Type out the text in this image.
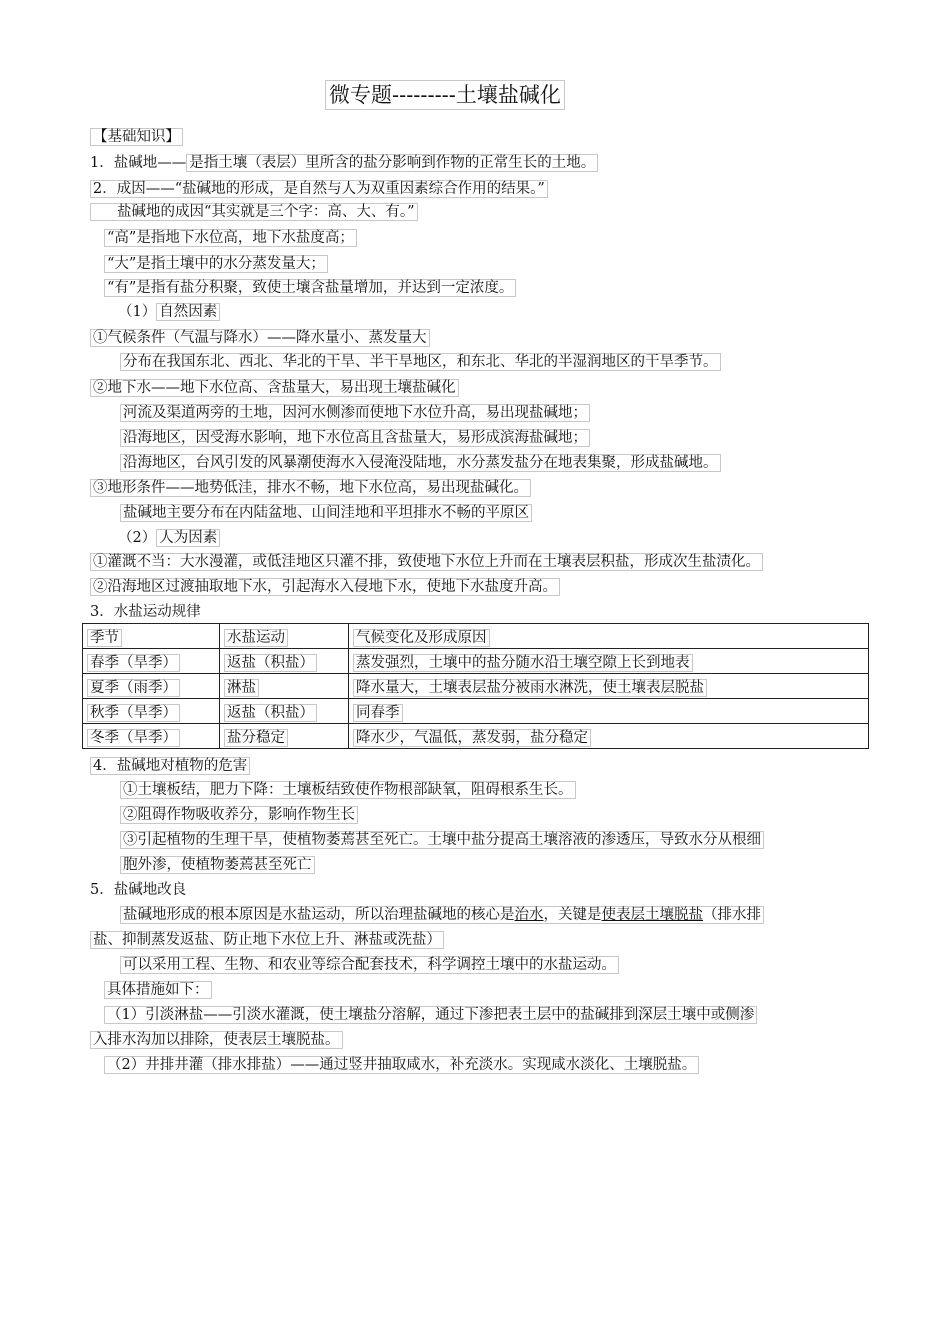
微专题---------土壤盐碱化
【基础知识】
1．盐碱地—— 是指土壤（表层）里所含的盐分影响到作物的正常生长的土地。
2．成因——“盐碱地的形成，是自然与人为双重因素综合作用的结果。”
盐碱地的成因“其实就是三个字：高、大、有。”
“高”是指地下水位高，地下水盐度高；
“大”是指土壤中的水分蒸发量大；
“有”是指有盐分积聚，致使土壤含盐量增加，并达到一定浓度。
（1） 自然因素
①气候条件（气温与降水）——降水量小、蒸发量大
分布在我国东北、西北、华北的干旱、半干旱地区，和东北、华北的半湿润地区的干旱季节。
②地下水——地下水位高、含盐量大，易出现土壤盐碱化
河流及渠道两旁的土地，因河水侧渗而使地下水位升高，易出现盐碱地；
沿海地区，因受海水影响，地下水位高且含盐量大，易形成滨海盐碱地；
沿海地区，台风引发的风暴潮使海水入侵淹没陆地，水分蒸发盐分在地表集聚，形成盐碱地。
③地形条件——地势低洼，排水不畅，地下水位高，易出现盐碱化。
盐碱地主要分布在内陆盆地、山间洼地和平坦排水不畅的平原区
（2） 人为因素
①灌溉不当：大水漫灌，或低洼地区只灌不排，致使地下水位上升而在土壤表层积盐，形成次生盐渍化。
②沿海地区过渡抽取地下水，引起海水入侵地下水，使地下水盐度升高。
3．水盐运动规律
季节	水盐运动	气候变化及形成原因
春季（旱季）	返盐（积盐）	蒸发强烈，土壤中的盐分随水沿土壤空隙上长到地表
夏季（雨季）	淋盐	降水量大，土壤表层盐分被雨水淋洗，使土壤表层脱盐
秋季（旱季）	返盐（积盐）	同春季
冬季（旱季）	盐分稳定	降水少，气温低，蒸发弱，盐分稳定
4．盐碱地对植物的危害
①土壤板结，肥力下降：土壤板结致使作物根部缺氧，阻碍根系生长。
②阻碍作物吸收养分，影响作物生长
③引起植物的生理干旱，使植物萎蔫甚至死亡。土壤中盐分提高土壤溶液的渗透压，导致水分从根细
胞外渗，使植物萎蔫甚至死亡
5．盐碱地改良
盐碱地形成的根本原因是水盐运动，所以治理盐碱地的核心是治水，关键是使表层土壤脱盐（排水排
盐、抑制蒸发返盐、防止地下水位上升、淋盐或洗盐）
可以采用工程、生物、和农业等综合配套技术，科学调控土壤中的水盐运动。
具体措施如下：
（1）引淡淋盐——引淡水灌溉，使土壤盐分溶解，通过下渗把表土层中的盐碱排到深层土壤中或侧渗
入排水沟加以排除，使表层土壤脱盐。
（2）井排井灌（排水排盐）——通过竖井抽取咸水，补充淡水。实现咸水淡化、土壤脱盐。
